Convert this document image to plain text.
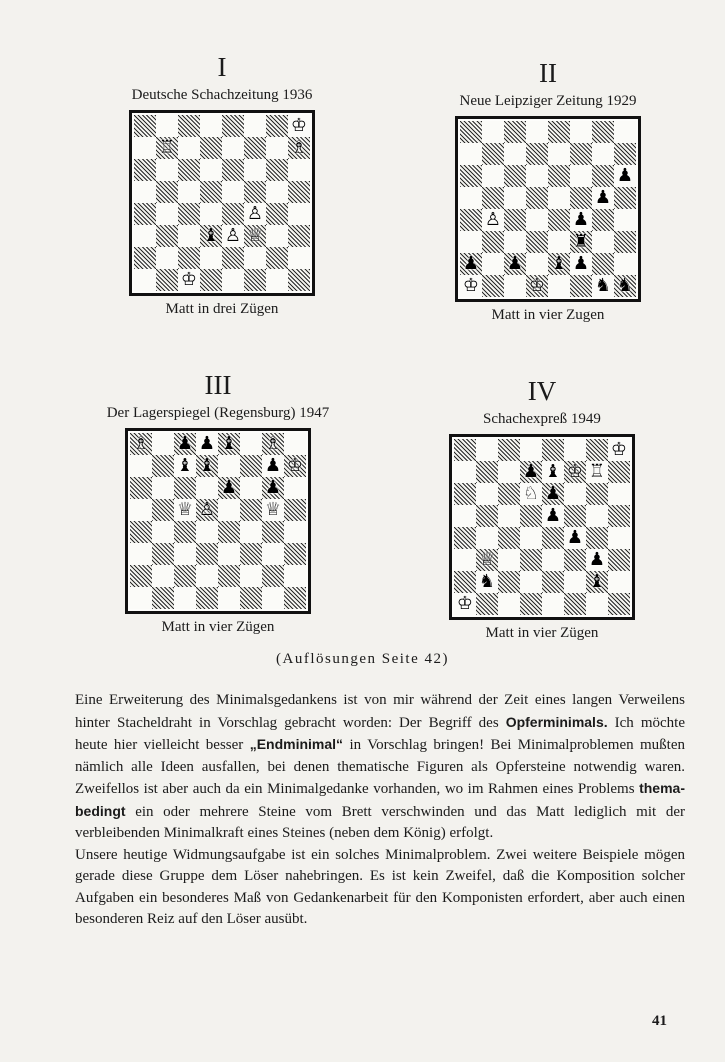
I
Deutsche Schachzeitung 1936
♔
♖	♗
♙
♝ ♙ ♕
♔
Matt in drei Zügen
II
Neue Leipziger Zeitung 1929
♟
♟
♙	♟
♜
♟ ♟ ♝ ♟
♔	♔	♞ ♞
Matt in vier Zugen
III
Der Lagerspiegel (Regensburg) 1947
♗ ♟ ♟ ♝ ♗
♝ ♝	♟ ♔
♟ ♟
♕ ♙	♕
Matt in vier Zügen
IV
Schachexpreß 1949
♔
♟ ♝ ♔ ♖
♘ ♟
♟
♟
♕	♟
♞	♝
♔
Matt in vier Zügen
(Auflösungen Seite 42)

Eine Erweiterung des Minimalsgedankens ist von mir während der Zeit eines langen Verweilens hinter Stacheldraht in Vorschlag gebracht worden: Der Begriff des Opferminimals. Ich möchte heute hier vielleicht besser „Endminimal“ in Vorschlag bringen! Bei Minimalproblemen mußten nämlich alle Ideen ausfallen, bei denen thematische Figuren als Opfersteine notwendig waren. Zweifellos ist aber auch da ein Minimalgedanke vorhanden, wo im Rahmen eines Problems themabedingt ein oder mehrere Steine vom Brett verschwinden und das Matt lediglich mit der verbleibenden Minimalkraft eines Steines (neben dem König) erfolgt.

Unsere heutige Widmungsaufgabe ist ein solches Minimalproblem. Zwei weitere Beispiele mögen gerade diese Gruppe dem Löser nahebringen. Es ist kein Zweifel, daß die Komposition solcher Aufgaben ein besonderes Maß von Gedankenarbeit für den Komponisten erfordert, aber auch einen besonderen Reiz auf den Löser ausübt.

41
